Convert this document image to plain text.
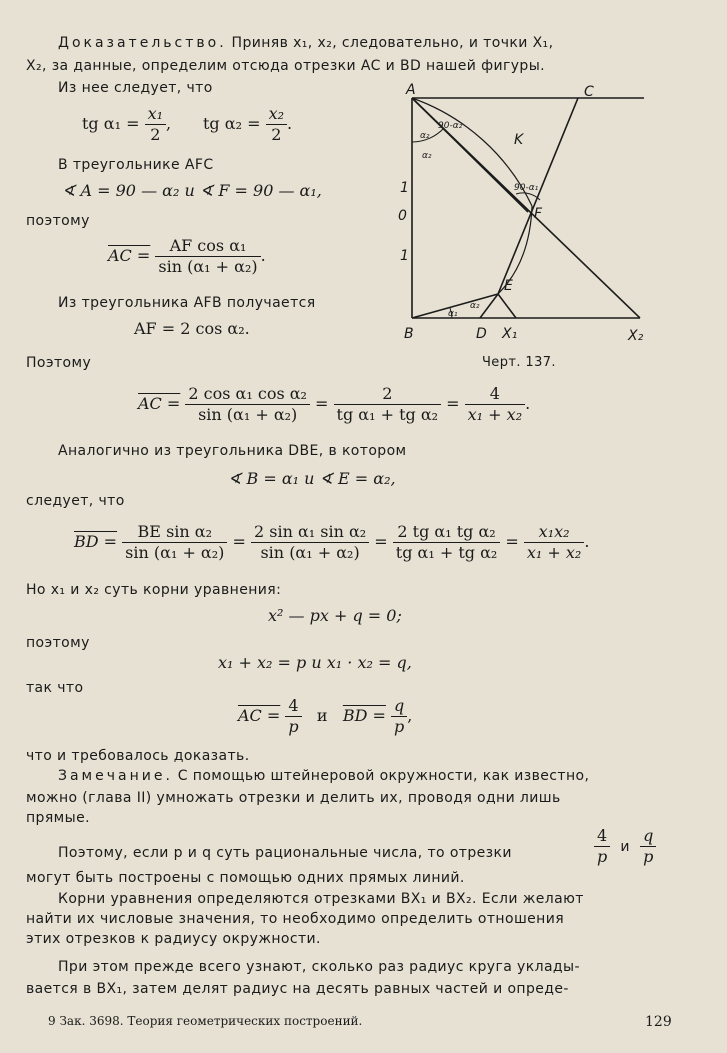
Доказательство. Приняв x₁, x₂, следовательно, и точки X₁,
X₂, за данные, определим отсюда отрезки AC и BD нашей фигуры.
Из нее следует, что
tg $\alpha_1 = \frac{\text{x₁}}{2}$ , tg $\alpha_2 = \frac{\text{x₂}}{2}$ .
В треугольнике AFC
∢ A = 90 — α₂ и ∢ F = 90 — α₁,
поэтому
AC = $\frac{\text{AF cos α₁}}{\text{sin (α₁ + α₂)}}$ .
Из треугольника AFB получается
AF = 2 cos α₂.
Поэтому
A	C
B	D X₁	X₂
F
E
K
1
0
1
90-α₂
α₂
α₂
90-α₁
α₁
α₂
Черт. 137.
AC = $\frac{\text{2 cos α₁ cos α₂}}{\text{sin (α₁ + α₂)}} = \frac{2}{\text{tg α₁ + tg α₂}} = \frac{4}{\text{x₁ + x₂}}$ .
Аналогично из треугольника DBE, в котором
∢ B = α₁ и ∢ E = α₂,
следует, что
BD = $\frac{\text{BE sin α₂}}{\text{sin (α₁ + α₂)}} = \frac{\text{2 sin α₁ sin α₂}}{\text{sin (α₁ + α₂)}} = \frac{\text{2 tg α₁ tg α₂}}{\text{tg α₁ + tg α₂}} = \frac{\text{x₁x₂}}{\text{x₁ + x₂}}$ .
Но x₁ и x₂ суть корни уравнения:
x² — px + q = 0;
поэтому
x₁ + x₂ = p и x₁ · x₂ = q,
так что
AC = $\frac{4}{p}$ и BD = $\frac{q}{p}$ ,
что и требовалось доказать.
Замечание. С помощью штейнеровой окружности, как известно,
можно (глава II) умножать отрезки и делить их, проводя одни лишь
прямые.
Поэтому, если p и q суть рациональные числа, то отрезки	$\frac{4}{p}$ и $\frac{q}{p}$
могут быть построены с помощью одних прямых линий.
Корни уравнения определяются отрезками BX₁ и BX₂. Если желают
найти их числовые значения, то необходимо определить отношения
этих отрезков к радиусу окружности.
При этом прежде всего узнают, сколько раз радиус круга уклады-
вается в BX₁, затем делят радиус на десять равных частей и опреде-
9 Зак. 3698. Теория геометрических построений.	129
